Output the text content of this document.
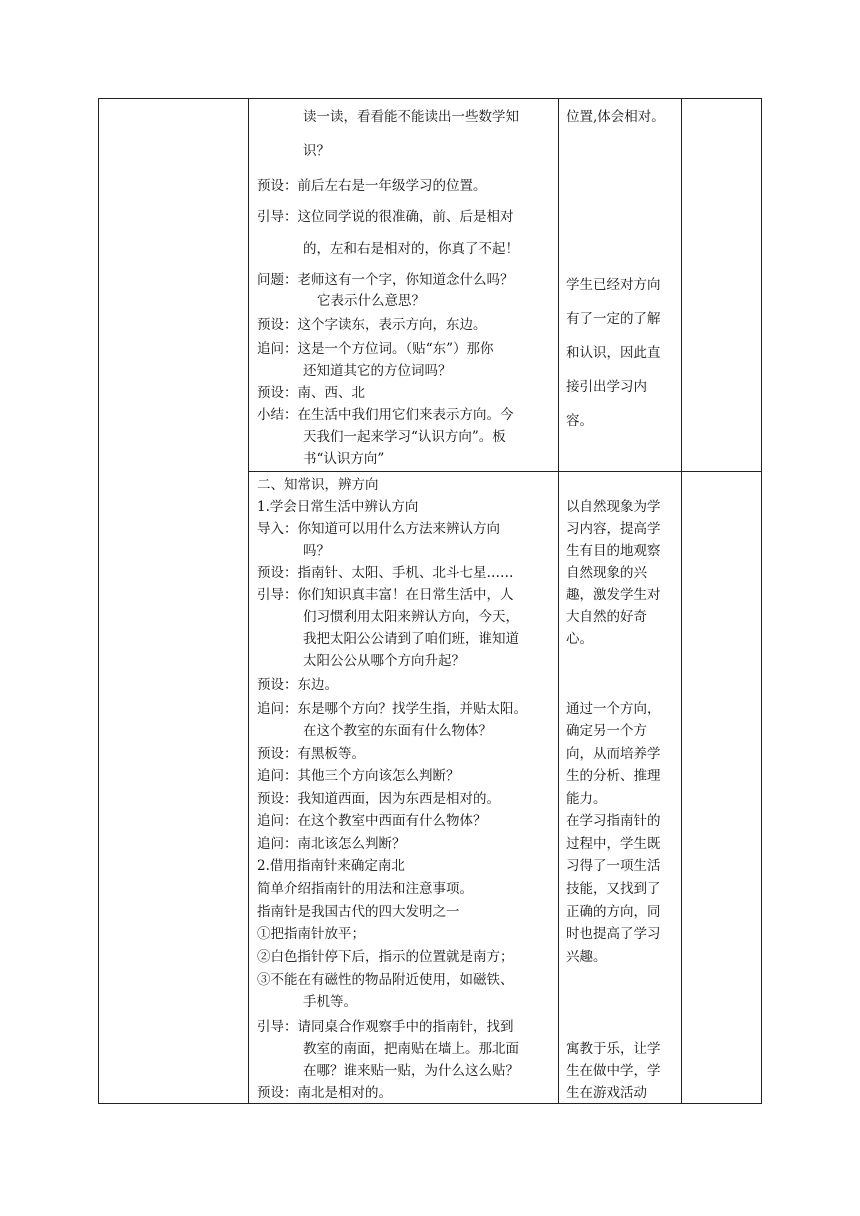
读一读，看看能不能读出一些数学知
识？
预设：前后左右是一年级学习的位置。
引导：这位同学说的很准确，前、后是相对
的，左和右是相对的，你真了不起！
问题：老师这有一个字，你知道念什么吗？
它表示什么意思？
预设：这个字读东，表示方向，东边。
追问：这是一个方位词。（贴“东”）那你
还知道其它的方位词吗？
预设：南、西、北
小结：在生活中我们用它们来表示方向。今
天我们一起来学习“认识方向”。板
书“认识方向”
位置,体会相对。
学生已经对方向
有了一定的了解
和认识，因此直
接引出学习内
容。
二、知常识，辨方向
1.学会日常生活中辨认方向
导入：你知道可以用什么方法来辨认方向
吗？
预设：指南针、太阳、手机、北斗七星……
引导：你们知识真丰富！在日常生活中，人
们习惯利用太阳来辨认方向，今天，
我把太阳公公请到了咱们班，谁知道
太阳公公从哪个方向升起？
预设：东边。
追问：东是哪个方向？找学生指，并贴太阳。
在这个教室的东面有什么物体？
预设：有黑板等。
追问：其他三个方向该怎么判断？
预设：我知道西面，因为东西是相对的。
追问：在这个教室中西面有什么物体？
追问：南北该怎么判断？
2.借用指南针来确定南北
简单介绍指南针的用法和注意事项。
指南针是我国古代的四大发明之一
①把指南针放平；
②白色指针停下后，指示的位置就是南方；
③不能在有磁性的物品附近使用，如磁铁、
手机等。
引导：请同桌合作观察手中的指南针，找到
教室的南面，把南贴在墙上。那北面
在哪？谁来贴一贴，为什么这么贴？
预设：南北是相对的。
以自然现象为学
习内容，提高学
生有目的地观察
自然现象的兴
趣，激发学生对
大自然的好奇
心。
通过一个方向，
确定另一个方
向，从而培养学
生的分析、推理
能力。
在学习指南针的
过程中，学生既
习得了一项生活
技能，又找到了
正确的方向，同
时也提高了学习
兴趣。
寓教于乐，让学
生在做中学，学
生在游戏活动
